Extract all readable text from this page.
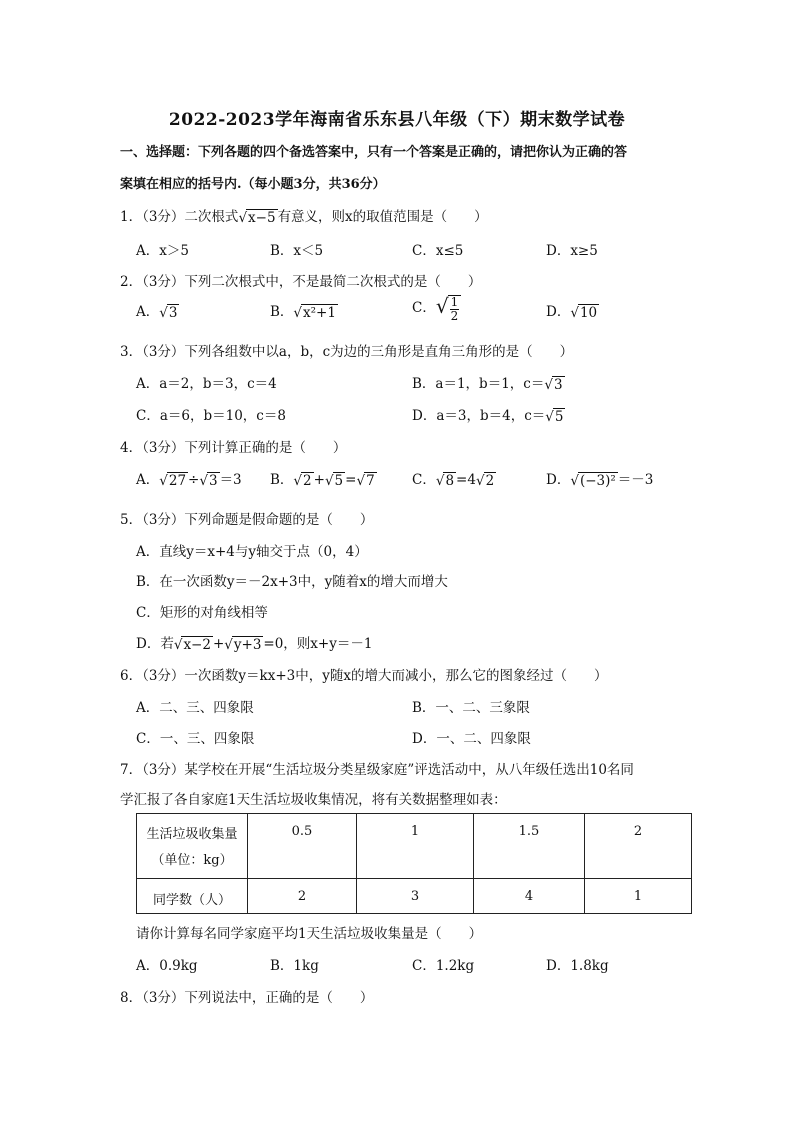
2022-2023学年海南省乐东县八年级（下）期末数学试卷
一、选择题：下列各题的四个备选答案中，只有一个答案是正确的，请把你认为正确的答
案填在相应的括号内.（每小题3分，共36分）
1．（3分）二次根式√x−5 有意义，则x的取值范围是（　　）
A．x＞5	B．x＜5	C．x≤5	D．x≥5
2．（3分）下列二次根式中，不是最简二次根式的是（　　）
A．√3	B．√x²+1	C．√ $\frac{1}{2}$	D．√10
3．（3分）下列各组数中以a，b，c为边的三角形是直角三角形的是（　　）
A．a＝2，b＝3，c＝4	B．a＝1，b＝1，c＝√3
C．a＝6，b＝10，c＝8	D．a＝3，b＝4，c＝√5
4．（3分）下列计算正确的是（　　）
A．√27 ÷√3 ＝3 B．√2 +√5 =√7	C．√8 =4√2	D．√(−3)² ＝－3
5．（3分）下列命题是假命题的是（　　）
A．直线y＝x+4与y轴交于点（0，4）
B．在一次函数y＝－2x+3中，y随着x的增大而增大
C．矩形的对角线相等
D．若√x−2 +√y+3 =0，则x+y＝－1
6．（3分）一次函数y＝kx+3中，y随x的增大而减小，那么它的图象经过（　　）
A．二、三、四象限	B．一、二、三象限
C．一、三、四象限	D．一、二、四象限
7．（3分）某学校在开展“生活垃圾分类星级家庭”评选活动中，从八年级任选出10名同
学汇报了各自家庭1天生活垃圾收集情况，将有关数据整理如表：
生活垃圾收集量
（单位：kg）	0.5	1	1.5	2
同学数（人）	2	3	4	1
请你计算每名同学家庭平均1天生活垃圾收集量是（　　）
A．0.9kg	B．1kg	C．1.2kg	D．1.8kg
8．（3分）下列说法中，正确的是（　　）
